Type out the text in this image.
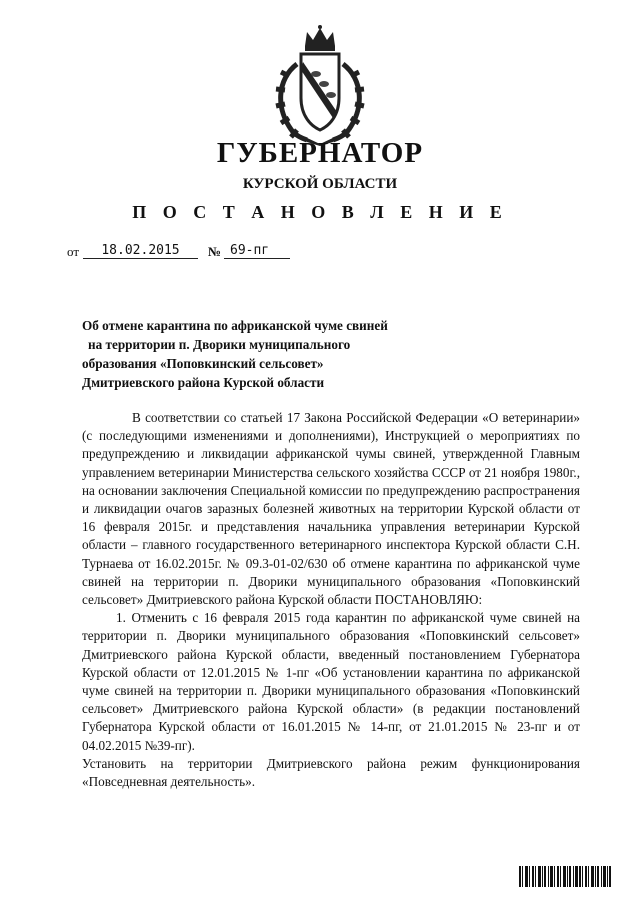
ГУБЕРНАТОР
КУРСКОЙ ОБЛАСТИ
П О С Т А Н О В Л Е Н И Е
от	18.02.2015	№ 69-пг
Об отмене карантина по африканской чуме свиней
на территории п. Дворики муниципального
образования «Поповкинский сельсовет»
Дмитриевского района Курской области

В соответствии со статьей 17 Закона Российской Федерации «О ветеринарии» (с последующими изменениями и дополнениями), Инструкцией о мероприятиях по предупреждению и ликвидации африканской чумы свиней, утвержденной Главным управлением ветеринарии Министерства сельского хозяйства СССР от 21 ноября 1980г., на основании заключения Специальной комиссии по предупреждению распространения и ликвидации очагов заразных болезней животных на территории Курской области от 16 февраля 2015г. и представления начальника управления ветеринарии Курской области – главного государственного ветеринарного инспектора Курской области С.Н. Турнаева от 16.02.2015г. № 09.3-01-02/630 об отмене карантина по африканской чуме свиней на территории п. Дворики муниципального образования «Поповкинский сельсовет» Дмитриевского района Курской области ПОСТАНОВЛЯЮ:

1. Отменить с 16 февраля 2015 года карантин по африканской чуме свиней на территории п. Дворики муниципального образования «Поповкинский сельсовет» Дмитриевского района Курской области, введенный постановлением Губернатора Курской области от 12.01.2015 № 1-пг «Об установлении карантина по африканской чуме свиней на территории п. Дворики муниципального образования «Поповкинский сельсовет» Дмитриевского района Курской области» (в редакции постановлений Губернатора Курской области от 16.01.2015 № 14-пг, от 21.01.2015 № 23-пг и от 04.02.2015 №39-пг).

Установить на территории Дмитриевского района режим функционирования «Повседневная деятельность».
